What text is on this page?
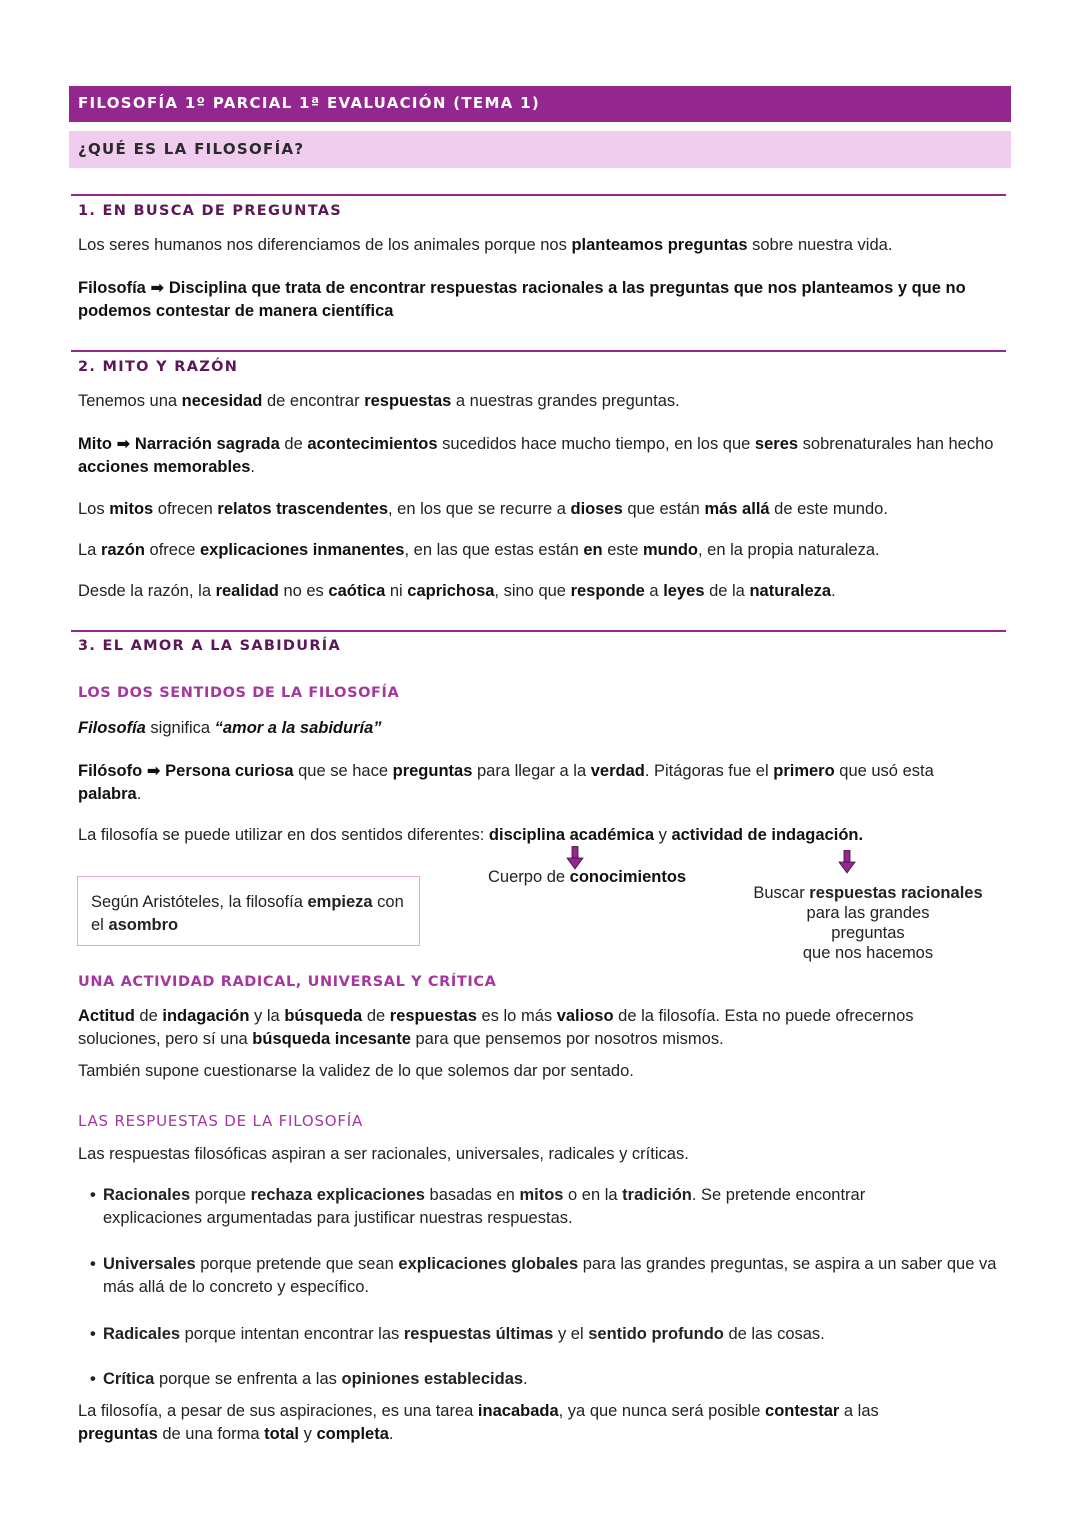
FILOSOFÍA 1º PARCIAL 1ª EVALUACIÓN (TEMA 1)
¿QUÉ ES LA FILOSOFÍA?
1. EN BUSCA DE PREGUNTAS
Los seres humanos nos diferenciamos de los animales porque nos planteamos preguntas sobre nuestra vida.
Filosofía ➡ Disciplina que trata de encontrar respuestas racionales a las preguntas que nos planteamos y que no podemos contestar de manera científica
2. MITO Y RAZÓN
Tenemos una necesidad de encontrar respuestas a nuestras grandes preguntas.
Mito ➡ Narración sagrada de acontecimientos sucedidos hace mucho tiempo, en los que seres sobrenaturales han hecho acciones memorables.
Los mitos ofrecen relatos trascendentes, en los que se recurre a dioses que están más allá de este mundo.
La razón ofrece explicaciones inmanentes, en las que estas están en este mundo, en la propia naturaleza.
Desde la razón, la realidad no es caótica ni caprichosa, sino que responde a leyes de la naturaleza.
3. EL AMOR A LA SABIDURÍA
LOS DOS SENTIDOS DE LA FILOSOFÍA
Filosofía significa “amor a la sabiduría”
Filósofo ➡ Persona curiosa que se hace preguntas para llegar a la verdad. Pitágoras fue el primero que usó esta palabra.
La filosofía se puede utilizar en dos sentidos diferentes: disciplina académica y actividad de indagación.
Cuerpo de conocimientos
Buscar respuestas racionales
para las grandes
preguntas
que nos hacemos
Según Aristóteles, la filosofía empieza con el asombro
UNA ACTIVIDAD RADICAL, UNIVERSAL Y CRÍTICA
Actitud de indagación y la búsqueda de respuestas es lo más valioso de la filosofía. Esta no puede ofrecernos soluciones, pero sí una búsqueda incesante para que pensemos por nosotros mismos.
También supone cuestionarse la validez de lo que solemos dar por sentado.
LAS RESPUESTAS DE LA FILOSOFÍA
Las respuestas filosóficas aspiran a ser racionales, universales, radicales y críticas.
• Racionales porque rechaza explicaciones basadas en mitos o en la tradición. Se pretende encontrar explicaciones argumentadas para justificar nuestras respuestas.
• Universales porque pretende que sean explicaciones globales para las grandes preguntas, se aspira a un saber que va más allá de lo concreto y específico.
• Radicales porque intentan encontrar las respuestas últimas y el sentido profundo de las cosas.
• Crítica porque se enfrenta a las opiniones establecidas.
La filosofía, a pesar de sus aspiraciones, es una tarea inacabada, ya que nunca será posible contestar a las preguntas de una forma total y completa.
